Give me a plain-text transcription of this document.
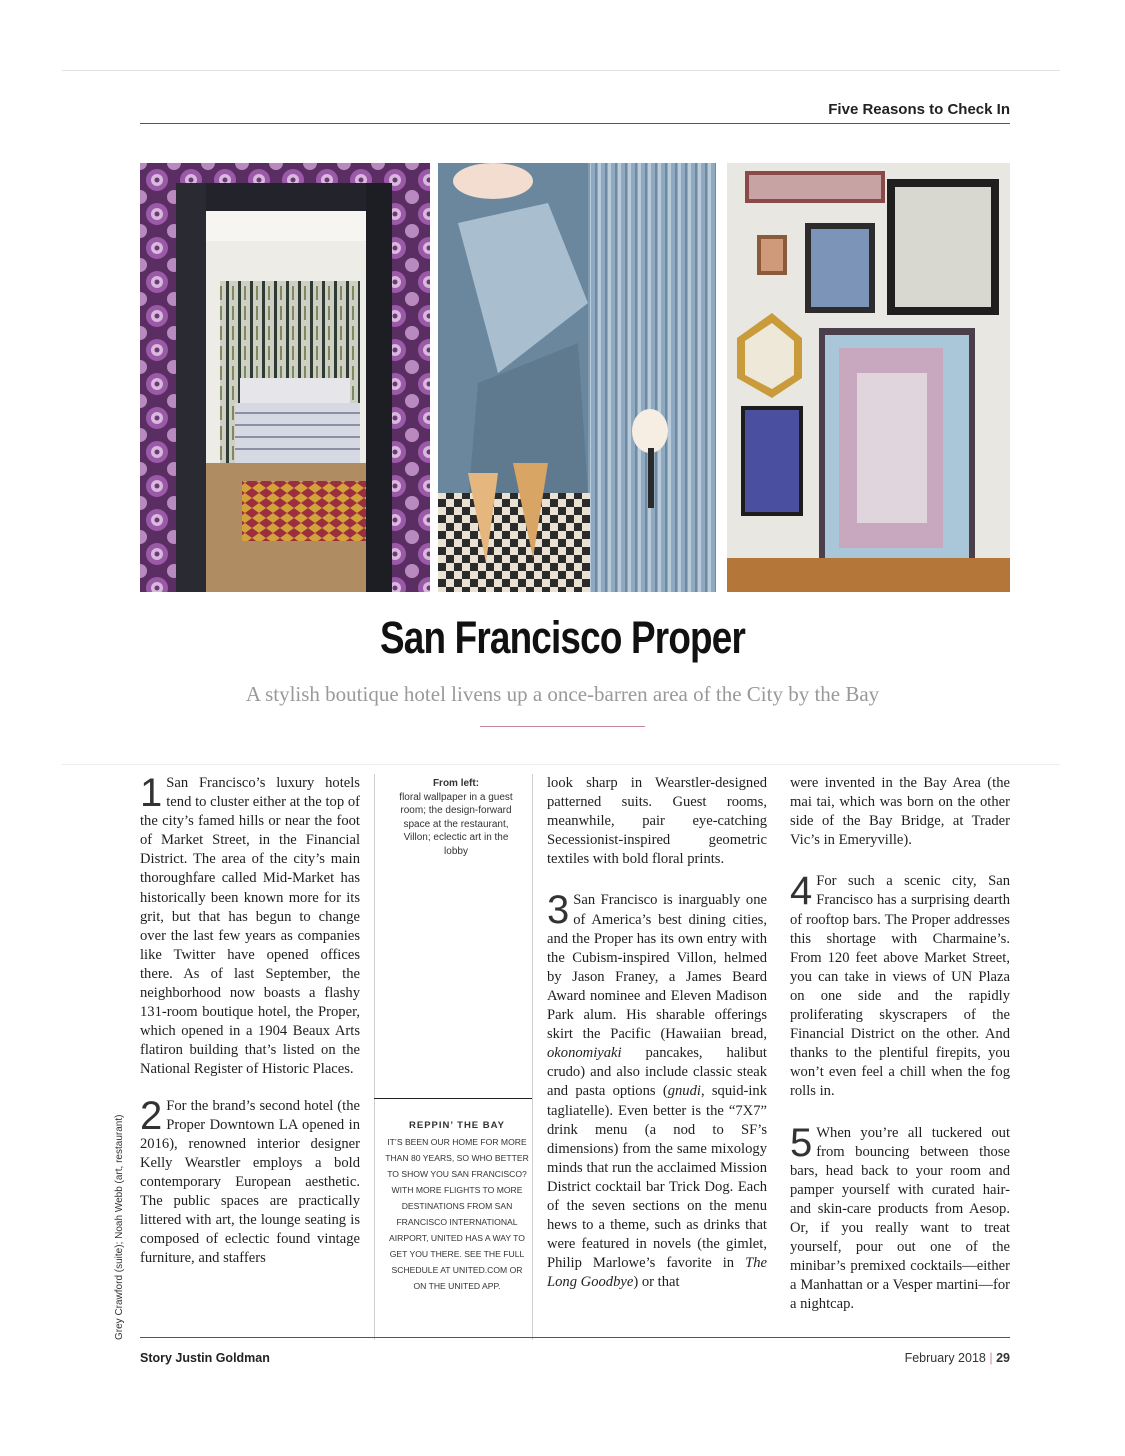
Five Reasons to Check In
San Francisco Proper
A stylish boutique hotel livens up a once-barren area of the City by the Bay

1 San Francisco’s luxury hotels tend to cluster either at the top of the city’s famed hills or near the foot of Market Street, in the Financial District. The area of the city’s main thoroughfare called Mid-Market has historically been known more for its grit, but that has begun to change over the last few years as companies like Twitter have opened offices there. As of last September, the neighborhood now boasts a flashy 131-room boutique hotel, the Proper, which opened in a 1904 Beaux Arts flatiron building that’s listed on the National Register of Historic Places.

2 For the brand’s second hotel (the Proper Downtown LA opened in 2016), renowned interior designer Kelly Wearstler employs a bold contemporary European aesthetic. The public spaces are practically littered with art, the lounge seating is composed of eclectic found vintage furniture, and staffers

From left:
floral wallpaper in a guest room; the design-forward space at the restaurant, Villon; eclectic art in the lobby
REPPIN’ THE BAY
IT’S BEEN OUR HOME FOR MORE THAN 80 YEARS, SO WHO BETTER TO SHOW YOU SAN FRANCISCO? WITH MORE FLIGHTS TO MORE DESTINATIONS FROM SAN FRANCISCO INTERNATIONAL AIRPORT, UNITED HAS A WAY TO GET YOU THERE. SEE THE FULL SCHEDULE AT UNITED.COM OR ON THE UNITED APP.

look sharp in Wearstler-designed patterned suits. Guest rooms, meanwhile, pair eye-catching Secessionist-inspired geometric textiles with bold floral prints.

3 San Francisco is inarguably one of America’s best dining cities, and the Proper has its own entry with the Cubism-inspired Villon, helmed by Jason Franey, a James Beard Award nominee and Eleven Madison Park alum. His sharable offerings skirt the Pacific (Hawaiian bread, okonomiyaki pancakes, halibut crudo) and also include classic steak and pasta options (gnudi, squid-ink tagliatelle). Even better is the “7X7” drink menu (a nod to SF’s dimensions) from the same mixology minds that run the acclaimed Mission District cocktail bar Trick Dog. Each of the seven sections on the menu hews to a theme, such as drinks that were featured in novels (the gimlet, Philip Marlowe’s favorite in The Long Goodbye) or that

were invented in the Bay Area (the mai tai, which was born on the other side of the Bay Bridge, at Trader Vic’s in Emeryville).

4 For such a scenic city, San Francisco has a surprising dearth of rooftop bars. The Proper addresses this shortage with Charmaine’s. From 120 feet above Market Street, you can take in views of UN Plaza on one side and the rapidly proliferating skyscrapers of the Financial District on the other. And thanks to the plentiful firepits, you won’t even feel a chill when the fog rolls in.

5 When you’re all tuckered out from bouncing between those bars, head back to your room and pamper yourself with curated hair- and skin-care products from Aesop. Or, if you really want to treat yourself, pour out one of the minibar’s premixed cocktails—either a Manhattan or a Vesper martini—for a nightcap.

Grey Crawford (suite); Noah Webb (art, restaurant)
Story Justin Goldman	February 2018 | 29
